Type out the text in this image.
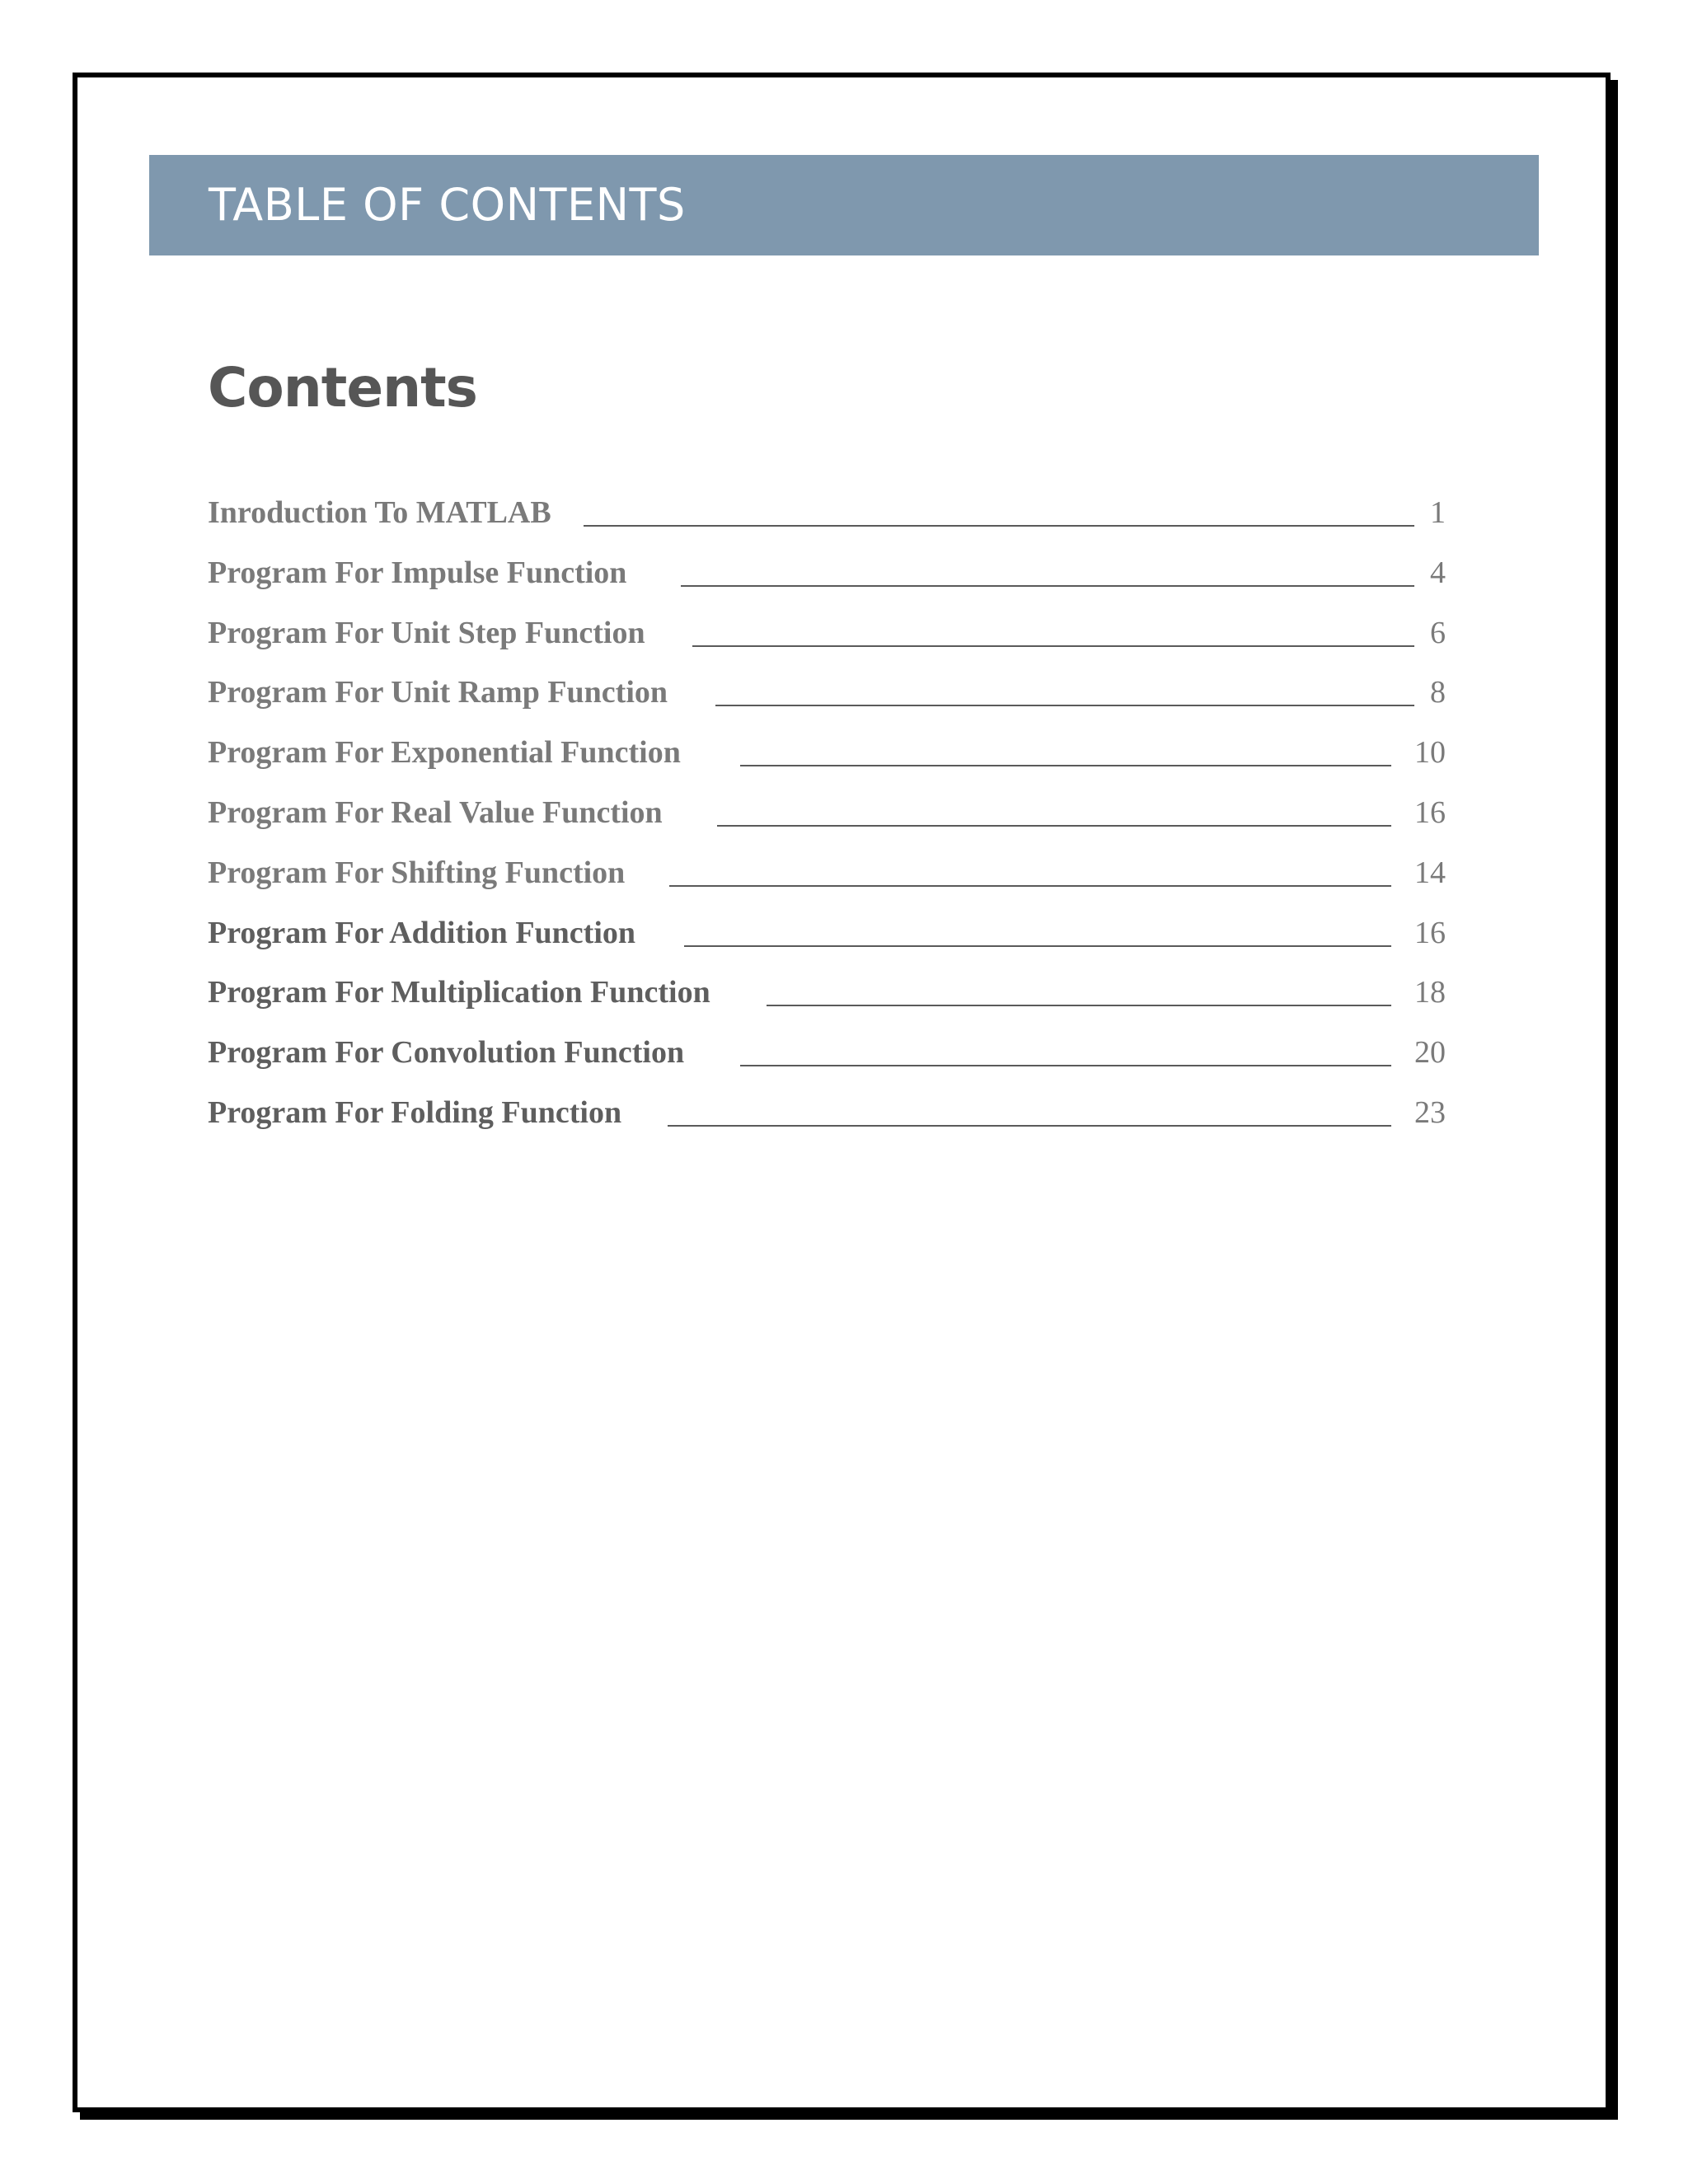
TABLE OF CONTENTS
Contents
Inroduction To MATLAB	1
Program For Impulse Function	4
Program For Unit Step Function	6
Program For Unit Ramp Function	8
Program For Exponential Function	10
Program For Real Value Function	16
Program For Shifting Function	14
Program For Addition Function	16
Program For Multiplication Function	18
Program For Convolution Function	20
Program For Folding Function	23
